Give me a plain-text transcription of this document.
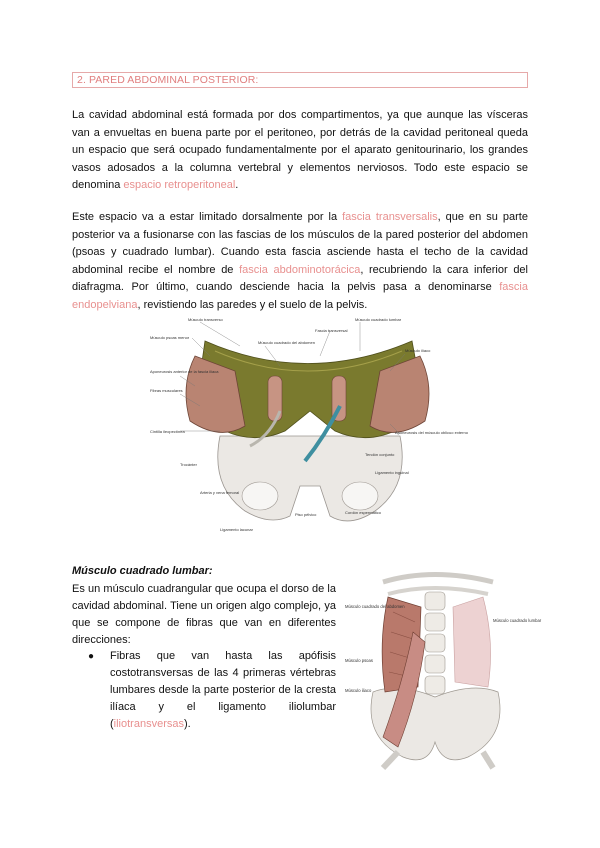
2. PARED ABDOMINAL POSTERIOR:
La cavidad abdominal está formada por dos compartimentos, ya que aunque las vísceras van a envueltas en buena parte por el peritoneo, por detrás de la cavidad peritoneal queda un espacio que será ocupado fundamentalmente por el aparato genitourinario, los grandes vasos adosados a la columna vertebral y elementos nerviosos. Todo este espacio se denomina espacio retroperitoneal.
Este espacio va a estar limitado dorsalmente por la fascia transversalis, que en su parte posterior va a fusionarse con las fascias de los músculos de la pared posterior del abdomen (psoas y cuadrado lumbar). Cuando esta fascia asciende hasta el techo de la cavidad abdominal recibe el nombre de fascia abdominotorácica, recubriendo la cara inferior del diafragma. Por último, cuando desciende hacia la pelvis pasa a denominarse fascia endopelviana, revistiendo las paredes y el suelo de la pelvis.
Músculo transverso
Músculo psoas menor
Fascia transversal
Músculo cuadrado del abdomen
Músculo cuadrado lumbar
Músculo ilíaco
Aponeurosis anterior de la fascia iliaca
Fibras musculares
Cintilla ileopectínea
Tendón conjunto
Trocánter
Aponeurosis del músculo oblicuo externo
Ligamento inguinal
Arteria y vena femoral
Ligamento lacunar
Piso pélvico	Cordón espermático
Músculo cuadrado lumbar:
Es un músculo cuadrangular que ocupa el dorso de la cavidad abdominal. Tiene un origen algo complejo, ya que se compone de fibras que van en diferentes direcciones:
● Fibras que van hasta las apófisis costotransversas de las 4 primeras vértebras lumbares desde la parte posterior de la cresta ilíaca y el ligamento iliolumbar (iliotransversas).
Músculo cuadrado del abdomen
Músculo cuadrado lumbar
Músculo psoas
Músculo iliaco
